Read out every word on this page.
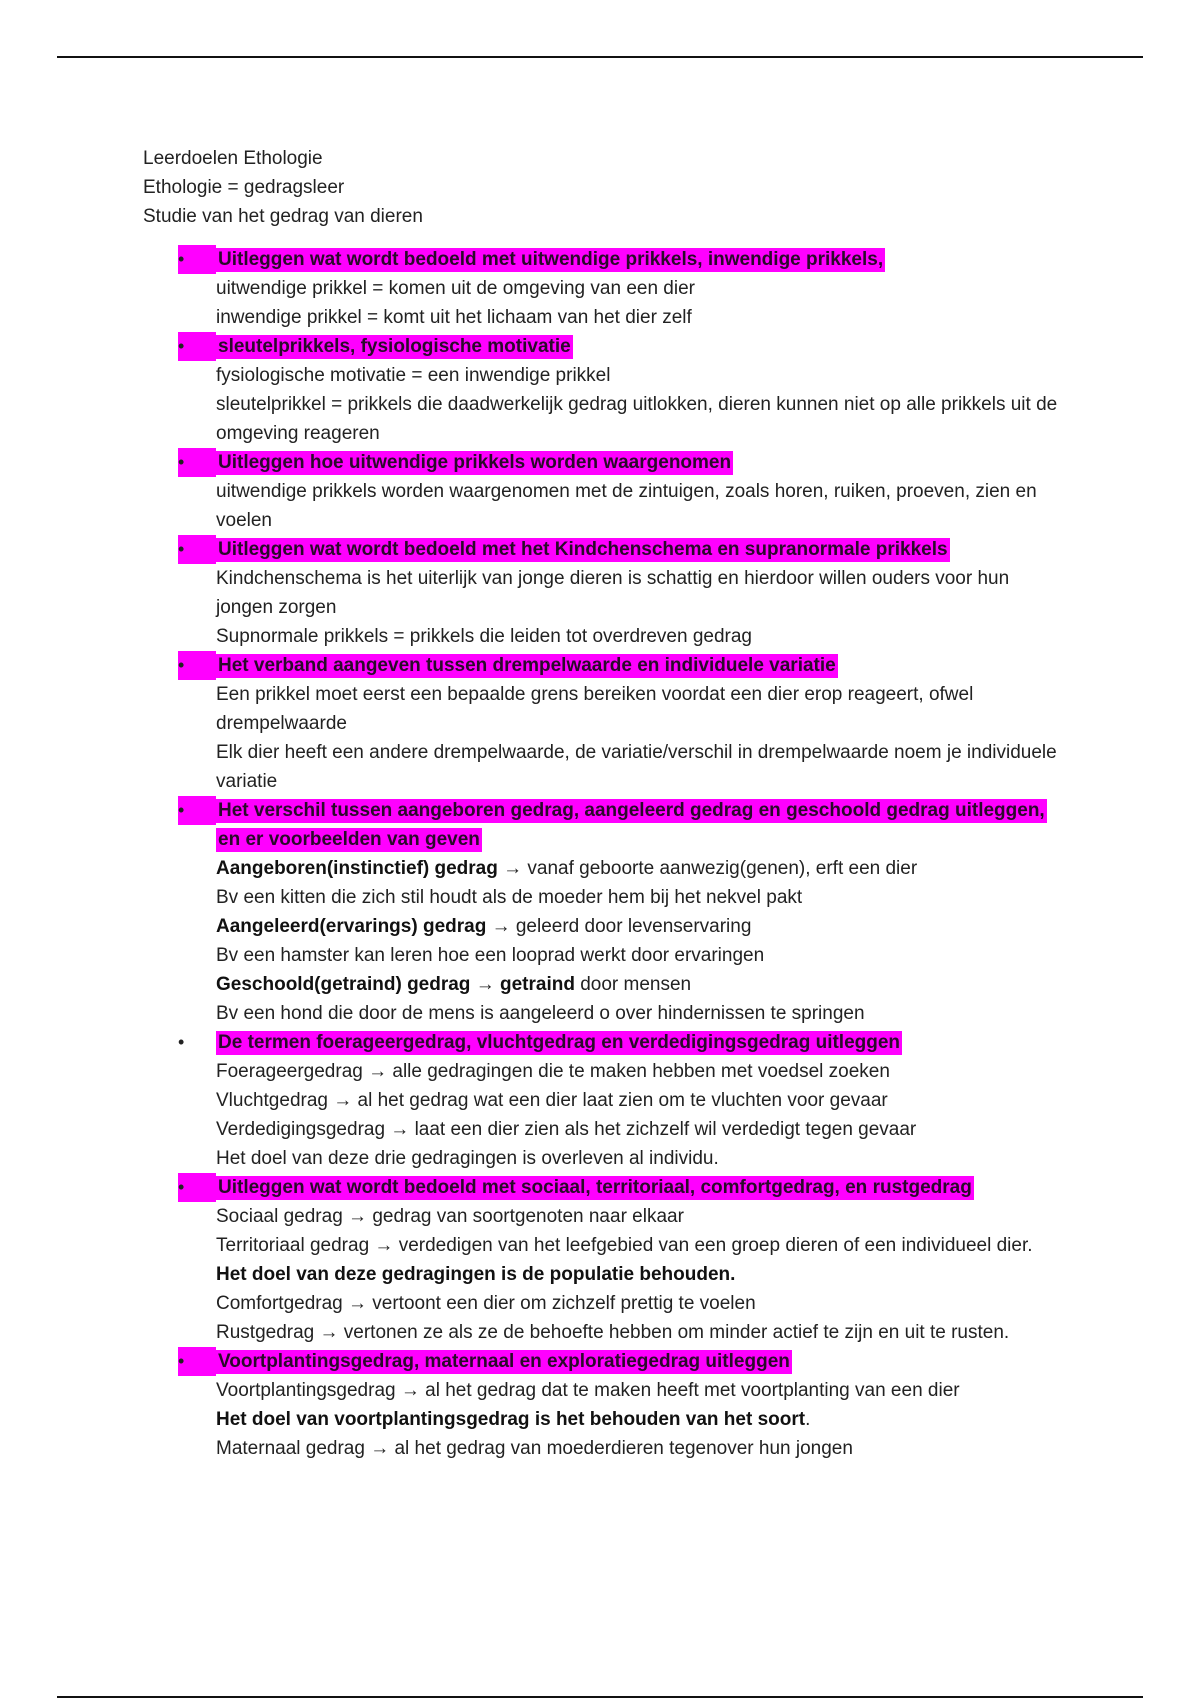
Leerdoelen Ethologie
Ethologie = gedragsleer
Studie van het gedrag van dieren
•	Uitleggen wat wordt bedoeld met uitwendige prikkels, inwendige prikkels,
uitwendige prikkel = komen uit de omgeving van een dier
inwendige prikkel = komt uit het lichaam van het dier zelf
•	sleutelprikkels, fysiologische motivatie
fysiologische motivatie = een inwendige prikkel
sleutelprikkel = prikkels die daadwerkelijk gedrag uitlokken, dieren kunnen niet op alle prikkels uit de omgeving reageren
•	Uitleggen hoe uitwendige prikkels worden waargenomen
uitwendige prikkels worden waargenomen met de zintuigen, zoals horen, ruiken, proeven, zien en voelen
•	Uitleggen wat wordt bedoeld met het Kindchenschema en supranormale prikkels
Kindchenschema is het uiterlijk van jonge dieren is schattig en hierdoor willen ouders voor hun jongen zorgen
Supnormale prikkels = prikkels die leiden tot overdreven gedrag
•	Het verband aangeven tussen drempelwaarde en individuele variatie
Een prikkel moet eerst een bepaalde grens bereiken voordat een dier erop reageert, ofwel drempelwaarde
Elk dier heeft een andere drempelwaarde, de variatie/verschil in drempelwaarde noem je individuele variatie
•	Het verschil tussen aangeboren gedrag, aangeleerd gedrag en geschoold gedrag uitleggen, en er voorbeelden van geven
Aangeboren(instinctief) gedrag → vanaf geboorte aanwezig(genen), erft een dier
Bv een kitten die zich stil houdt als de moeder hem bij het nekvel pakt
Aangeleerd(ervarings) gedrag → geleerd door levenservaring
Bv een hamster kan leren hoe een looprad werkt door ervaringen
Geschoold(getraind) gedrag → getraind door mensen
Bv een hond die door de mens is aangeleerd o over hindernissen te springen
•	De termen foerageergedrag, vluchtgedrag en verdedigingsgedrag uitleggen
Foerageergedrag → alle gedragingen die te maken hebben met voedsel zoeken
Vluchtgedrag → al het gedrag wat een dier laat zien om te vluchten voor gevaar
Verdedigingsgedrag → laat een dier zien als het zichzelf wil verdedigt tegen gevaar
Het doel van deze drie gedragingen is overleven al individu.
•	Uitleggen wat wordt bedoeld met sociaal, territoriaal, comfortgedrag, en rustgedrag
Sociaal gedrag → gedrag van soortgenoten naar elkaar
Territoriaal gedrag → verdedigen van het leefgebied van een groep dieren of een individueel dier.
Het doel van deze gedragingen is de populatie behouden.
Comfortgedrag → vertoont een dier om zichzelf prettig te voelen
Rustgedrag → vertonen ze als ze de behoefte hebben om minder actief te zijn en uit te rusten.
•	Voortplantingsgedrag, maternaal en exploratiegedrag uitleggen
Voortplantingsgedrag → al het gedrag dat te maken heeft met voortplanting van een dier
Het doel van voortplantingsgedrag is het behouden van het soort.
Maternaal gedrag → al het gedrag van moederdieren tegenover hun jongen
